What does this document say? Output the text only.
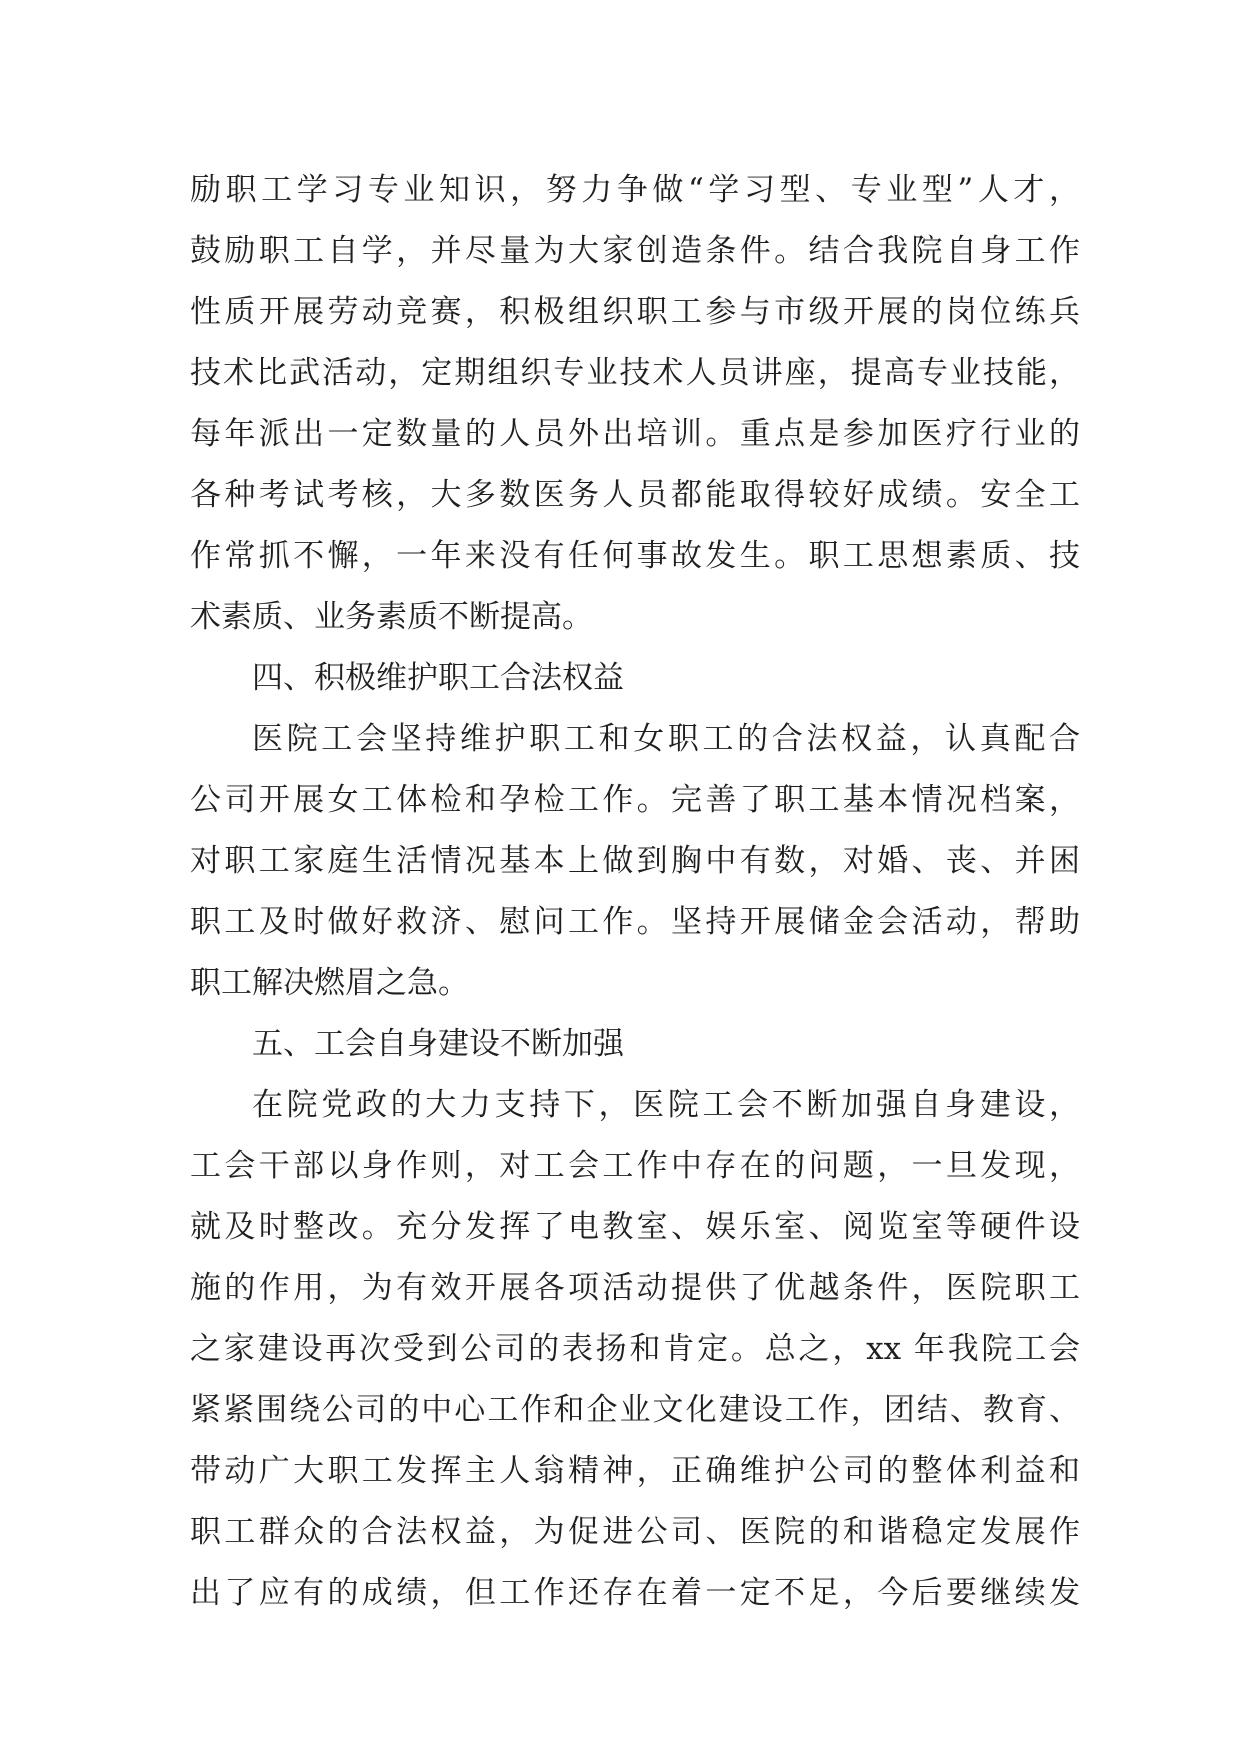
励职工学习专业知识，努力争做“学习型、专业型”人才，
鼓励职工自学，并尽量为大家创造条件。结合我院自身工作
性质开展劳动竞赛，积极组织职工参与市级开展的岗位练兵
技术比武活动，定期组织专业技术人员讲座，提高专业技能，
每年派出一定数量的人员外出培训。重点是参加医疗行业的
各种考试考核，大多数医务人员都能取得较好成绩。安全工
作常抓不懈，一年来没有任何事故发生。职工思想素质、技
术素质、业务素质不断提高。
四、积极维护职工合法权益
医院工会坚持维护职工和女职工的合法权益，认真配合
公司开展女工体检和孕检工作。完善了职工基本情况档案，
对职工家庭生活情况基本上做到胸中有数，对婚、丧、并困
职工及时做好救济、慰问工作。坚持开展储金会活动，帮助
职工解决燃眉之急。
五、工会自身建设不断加强
在院党政的大力支持下，医院工会不断加强自身建设，
工会干部以身作则，对工会工作中存在的问题，一旦发现，
就及时整改。充分发挥了电教室、娱乐室、阅览室等硬件设
施的作用，为有效开展各项活动提供了优越条件，医院职工
之家建设再次受到公司的表扬和肯定。总之，xx 年我院工会
紧紧围绕公司的中心工作和企业文化建设工作，团结、教育、
带动广大职工发挥主人翁精神，正确维护公司的整体利益和
职工群众的合法权益，为促进公司、医院的和谐稳定发展作
出了应有的成绩，但工作还存在着一定不足，今后要继续发
